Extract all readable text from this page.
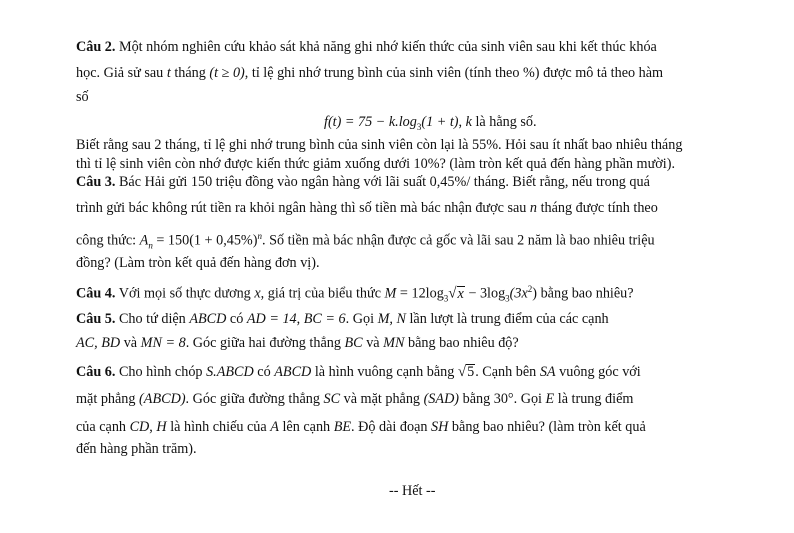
Câu 2. Một nhóm nghiên cứu khảo sát khả năng ghi nhớ kiến thức của sinh viên sau khi kết thúc khóa
học. Giả sử sau t tháng (t ≥ 0), tỉ lệ ghi nhớ trung bình của sinh viên (tính theo %) được mô tả theo hàm
số
$f(t) = 75 - k.\log_3(1 + t)$, k là hằng số.
Biết rằng sau 2 tháng, tỉ lệ ghi nhớ trung bình của sinh viên còn lại là 55%. Hỏi sau ít nhất bao nhiêu tháng
thì tỉ lệ sinh viên còn nhớ được kiến thức giảm xuống dưới 10%? (làm tròn kết quả đến hàng phần mười).
Câu 3. Bác Hải gửi 150 triệu đồng vào ngân hàng với lãi suất 0,45%/ tháng. Biết rằng, nếu trong quá
trình gửi bác không rút tiền ra khỏi ngân hàng thì số tiền mà bác nhận được sau n tháng được tính theo
công thức: $A_n = 150(1 + 0,45\%)^n$. Số tiền mà bác nhận được cả gốc và lãi sau 2 năm là bao nhiêu triệu
đồng? (Làm tròn kết quả đến hàng đơn vị).
Câu 4. Với mọi số thực dương x, giá trị của biểu thức $M = 12\log_3√x - 3\log_3(3x^2)$ bằng bao nhiêu?
Câu 5. Cho tứ diện ABCD có AD = 14, BC = 6. Gọi M, N lần lượt là trung điểm của các cạnh
AC, BD và MN = 8. Góc giữa hai đường thẳng BC và MN bằng bao nhiêu độ?
Câu 6. Cho hình chóp S.ABCD có ABCD là hình vuông cạnh bằng √5. Cạnh bên SA vuông góc với
mặt phẳng (ABCD). Góc giữa đường thẳng SC và mặt phẳng (SAD) bằng 30°. Gọi E là trung điểm
của cạnh CD, H là hình chiếu của A lên cạnh BE. Độ dài đoạn SH bằng bao nhiêu? (làm tròn kết quả
đến hàng phần trăm).
-- Hết --
